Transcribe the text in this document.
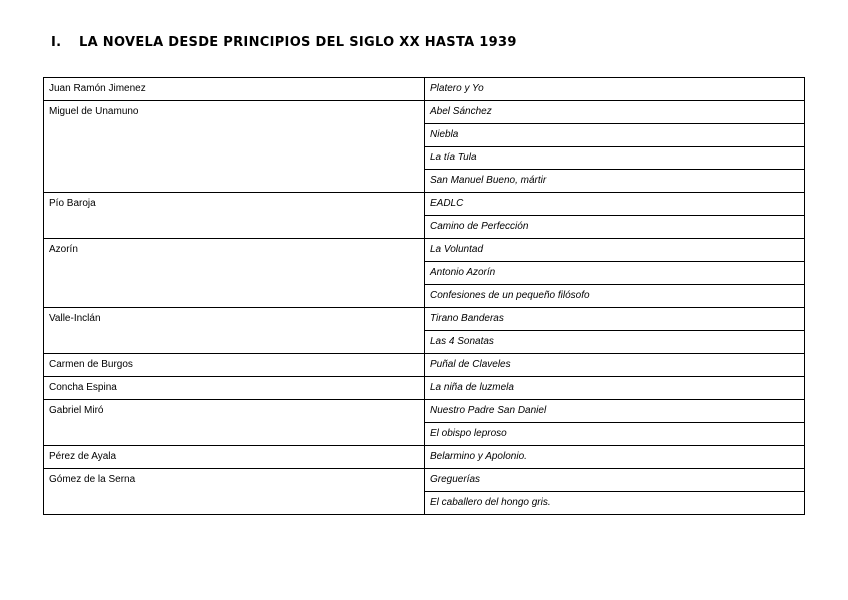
I. LA NOVELA DESDE PRINCIPIOS DEL SIGLO XX HASTA 1939
Juan Ramón Jimenez	Platero y Yo
Miguel de Unamuno	Abel Sánchez
	Niebla
	La tía Tula
	San Manuel Bueno, mártir
Pío Baroja	EADLC
	Camino de Perfección
Azorín	La Voluntad
	Antonio Azorín
	Confesiones de un pequeño filósofo
Valle-Inclán	Tirano Banderas
	Las 4 Sonatas
Carmen de Burgos	Puñal de Claveles
Concha Espina	La niña de luzmela
Gabriel Miró	Nuestro Padre San Daniel
	El obispo leproso
Pérez de Ayala	Belarmino y Apolonio.
Gómez de la Serna	Greguerías
	El caballero del hongo gris.
